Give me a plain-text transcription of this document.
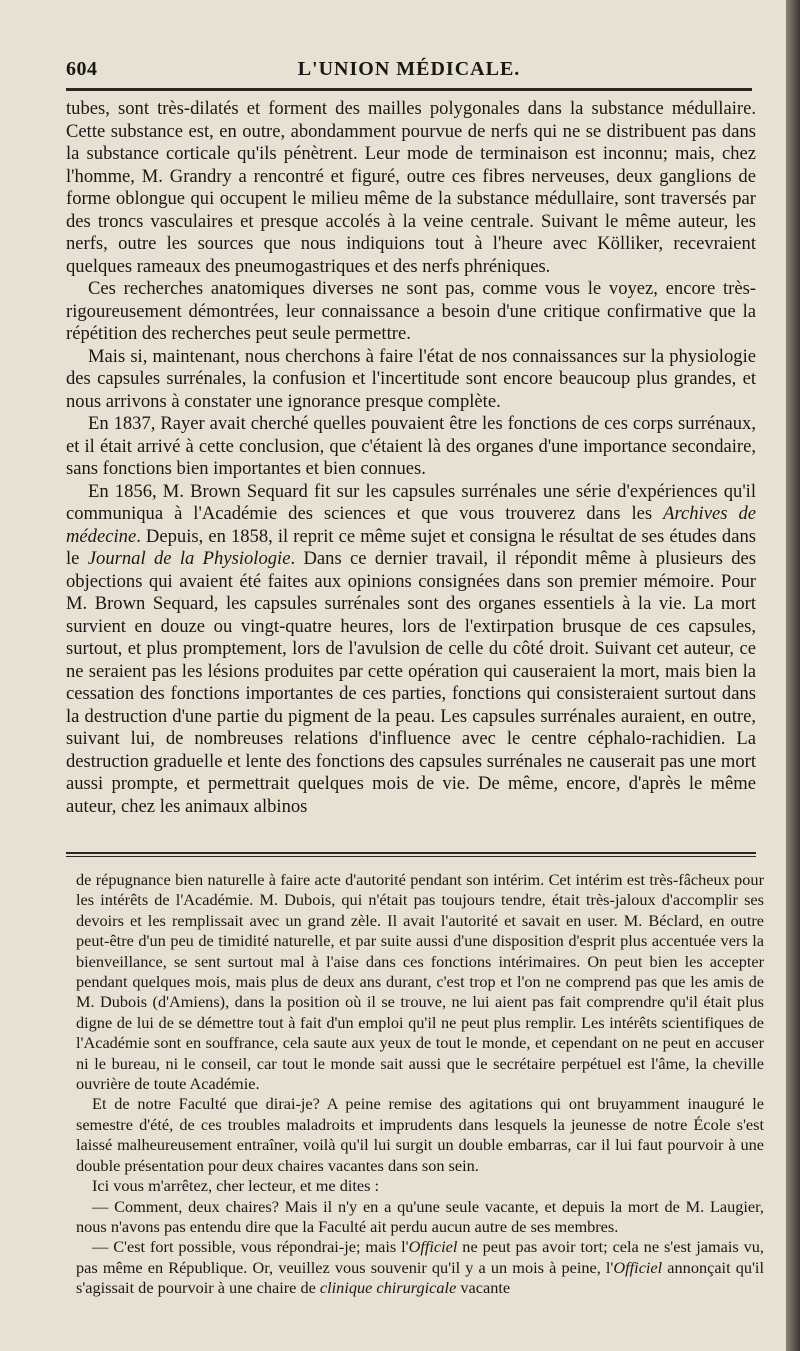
604	L'UNION MÉDICALE.

tubes, sont très-dilatés et forment des mailles polygonales dans la substance médullaire. Cette substance est, en outre, abondamment pourvue de nerfs qui ne se distribuent pas dans la substance corticale qu'ils pénètrent. Leur mode de terminaison est inconnu; mais, chez l'homme, M. Grandry a rencontré et figuré, outre ces fibres nerveuses, deux ganglions de forme oblongue qui occupent le milieu même de la substance médullaire, sont traversés par des troncs vasculaires et presque accolés à la veine centrale. Suivant le même auteur, les nerfs, outre les sources que nous indiquions tout à l'heure avec Kölliker, recevraient quelques rameaux des pneumogastriques et des nerfs phréniques.

Ces recherches anatomiques diverses ne sont pas, comme vous le voyez, encore très-rigoureusement démontrées, leur connaissance a besoin d'une critique confirmative que la répétition des recherches peut seule permettre.

Mais si, maintenant, nous cherchons à faire l'état de nos connaissances sur la physiologie des capsules surrénales, la confusion et l'incertitude sont encore beaucoup plus grandes, et nous arrivons à constater une ignorance presque complète.

En 1837, Rayer avait cherché quelles pouvaient être les fonctions de ces corps surrénaux, et il était arrivé à cette conclusion, que c'étaient là des organes d'une importance secondaire, sans fonctions bien importantes et bien connues.

En 1856, M. Brown Sequard fit sur les capsules surrénales une série d'expériences qu'il communiqua à l'Académie des sciences et que vous trouverez dans les Archives de médecine. Depuis, en 1858, il reprit ce même sujet et consigna le résultat de ses études dans le Journal de la Physiologie. Dans ce dernier travail, il répondit même à plusieurs des objections qui avaient été faites aux opinions consignées dans son premier mémoire. Pour M. Brown Sequard, les capsules surrénales sont des organes essentiels à la vie. La mort survient en douze ou vingt-quatre heures, lors de l'extirpation brusque de ces capsules, surtout, et plus promptement, lors de l'avulsion de celle du côté droit. Suivant cet auteur, ce ne seraient pas les lésions produites par cette opération qui causeraient la mort, mais bien la cessation des fonctions importantes de ces parties, fonctions qui consisteraient surtout dans la destruction d'une partie du pigment de la peau. Les capsules surrénales auraient, en outre, suivant lui, de nombreuses relations d'influence avec le centre céphalo-rachidien. La destruction graduelle et lente des fonctions des capsules surrénales ne causerait pas une mort aussi prompte, et permettrait quelques mois de vie. De même, encore, d'après le même auteur, chez les animaux albinos

de répugnance bien naturelle à faire acte d'autorité pendant son intérim. Cet intérim est très-fâcheux pour les intérêts de l'Académie. M. Dubois, qui n'était pas toujours tendre, était très-jaloux d'accomplir ses devoirs et les remplissait avec un grand zèle. Il avait l'autorité et savait en user. M. Béclard, en outre peut-être d'un peu de timidité naturelle, et par suite aussi d'une disposition d'esprit plus accentuée vers la bienveillance, se sent surtout mal à l'aise dans ces fonctions intérimaires. On peut bien les accepter pendant quelques mois, mais plus de deux ans durant, c'est trop et l'on ne comprend pas que les amis de M. Dubois (d'Amiens), dans la position où il se trouve, ne lui aient pas fait comprendre qu'il était plus digne de lui de se démettre tout à fait d'un emploi qu'il ne peut plus remplir. Les intérêts scientifiques de l'Académie sont en souffrance, cela saute aux yeux de tout le monde, et cependant on ne peut en accuser ni le bureau, ni le conseil, car tout le monde sait aussi que le secrétaire perpétuel est l'âme, la cheville ouvrière de toute Académie.

Et de notre Faculté que dirai-je? A peine remise des agitations qui ont bruyamment inauguré le semestre d'été, de ces troubles maladroits et imprudents dans lesquels la jeunesse de notre École s'est laissé malheureusement entraîner, voilà qu'il lui surgit un double embarras, car il lui faut pourvoir à une double présentation pour deux chaires vacantes dans son sein.

Ici vous m'arrêtez, cher lecteur, et me dites :

— Comment, deux chaires? Mais il n'y en a qu'une seule vacante, et depuis la mort de M. Laugier, nous n'avons pas entendu dire que la Faculté ait perdu aucun autre de ses membres.

— C'est fort possible, vous répondrai-je; mais l'Officiel ne peut pas avoir tort; cela ne s'est jamais vu, pas même en République. Or, veuillez vous souvenir qu'il y a un mois à peine, l'Officiel annonçait qu'il s'agissait de pourvoir à une chaire de clinique chirurgicale vacante
